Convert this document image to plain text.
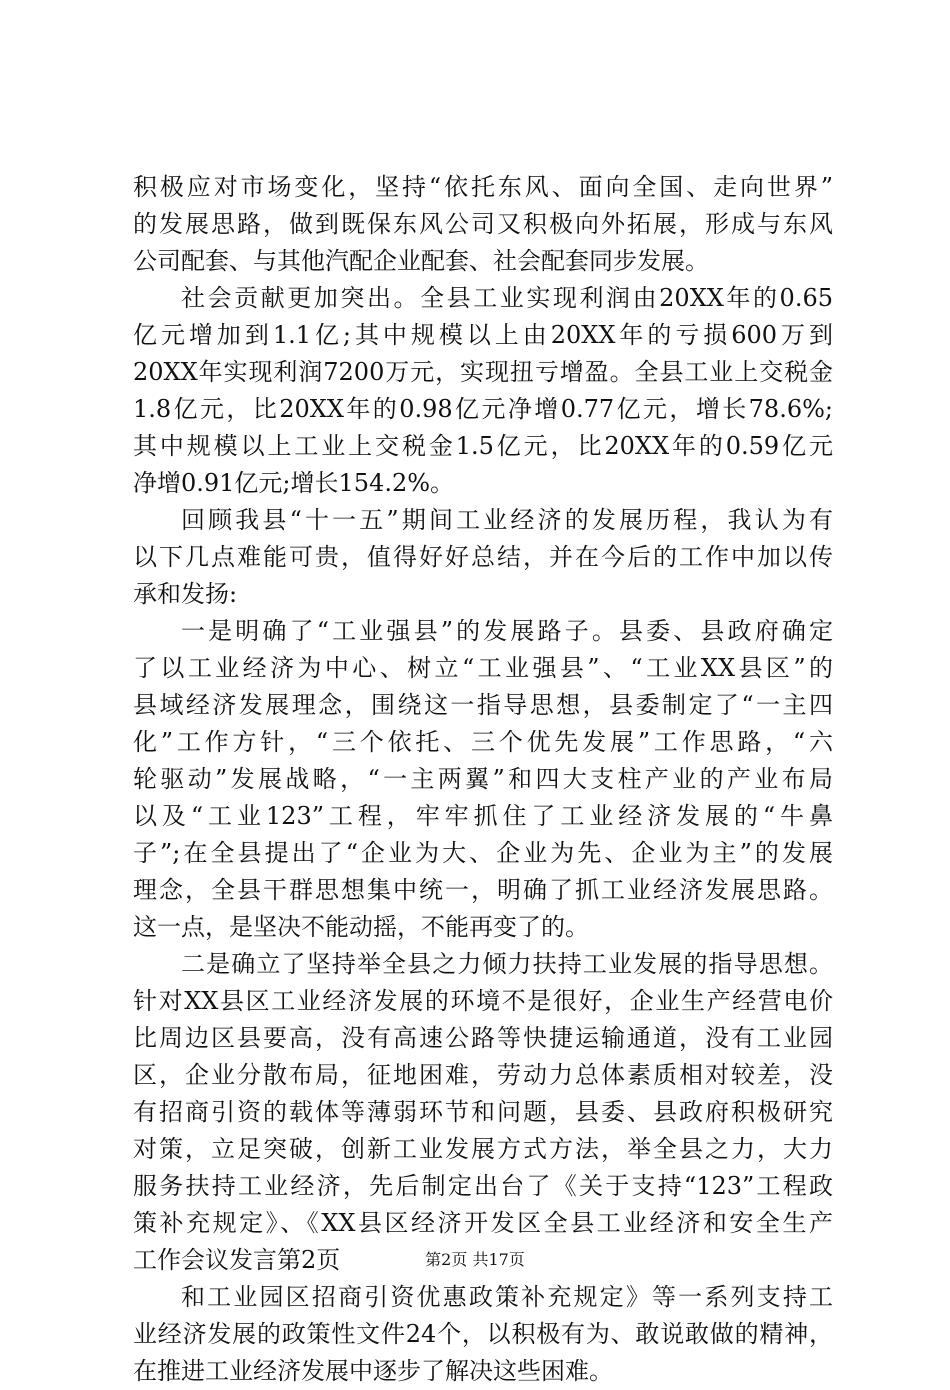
积极应对市场变化，坚持“依托东风、面向全国、走向世界”
的发展思路，做到既保东风公司又积极向外拓展，形成与东风
公司配套、与其他汽配企业配套、社会配套同步发展。
社会贡献更加突出。全县工业实现利润由20XX年的0.65
亿元增加到1.1亿;其中规模以上由20XX年的亏损600万到
20XX年实现利润7200万元，实现扭亏增盈。全县工业上交税金
1.8亿元，比20XX年的0.98亿元净增0.77亿元，增长78.6%;
其中规模以上工业上交税金1.5亿元，比20XX年的0.59亿元
净增0.91亿元;增长154.2%。
回顾我县“十一五”期间工业经济的发展历程，我认为有
以下几点难能可贵，值得好好总结，并在今后的工作中加以传
承和发扬:
一是明确了“工业强县”的发展路子。县委、县政府确定
了以工业经济为中心、树立“工业强县”、“工业XX县区”的
县域经济发展理念，围绕这一指导思想，县委制定了“一主四
化”工作方针，“三个依托、三个优先发展”工作思路，“六
轮驱动”发展战略，“一主两翼”和四大支柱产业的产业布局
以及“工业123”工程，牢牢抓住了工业经济发展的“牛鼻
子”;在全县提出了“企业为大、企业为先、企业为主”的发展
理念，全县干群思想集中统一，明确了抓工业经济发展思路。
这一点，是坚决不能动摇，不能再变了的。
二是确立了坚持举全县之力倾力扶持工业发展的指导思想。
针对XX县区工业经济发展的环境不是很好，企业生产经营电价
比周边区县要高，没有高速公路等快捷运输通道，没有工业园
区，企业分散布局，征地困难，劳动力总体素质相对较差，没
有招商引资的载体等薄弱环节和问题，县委、县政府积极研究
对策，立足突破，创新工业发展方式方法，举全县之力，大力
服务扶持工业经济，先后制定出台了《关于支持“123”工程政
策补充规定》、《XX县区经济开发区全县工业经济和安全生产
工作会议发言第2页
和工业园区招商引资优惠政策补充规定》等一系列支持工
业经济发展的政策性文件24个，以积极有为、敢说敢做的精神，
在推进工业经济发展中逐步了解决这些困难。
第2页 共17页
